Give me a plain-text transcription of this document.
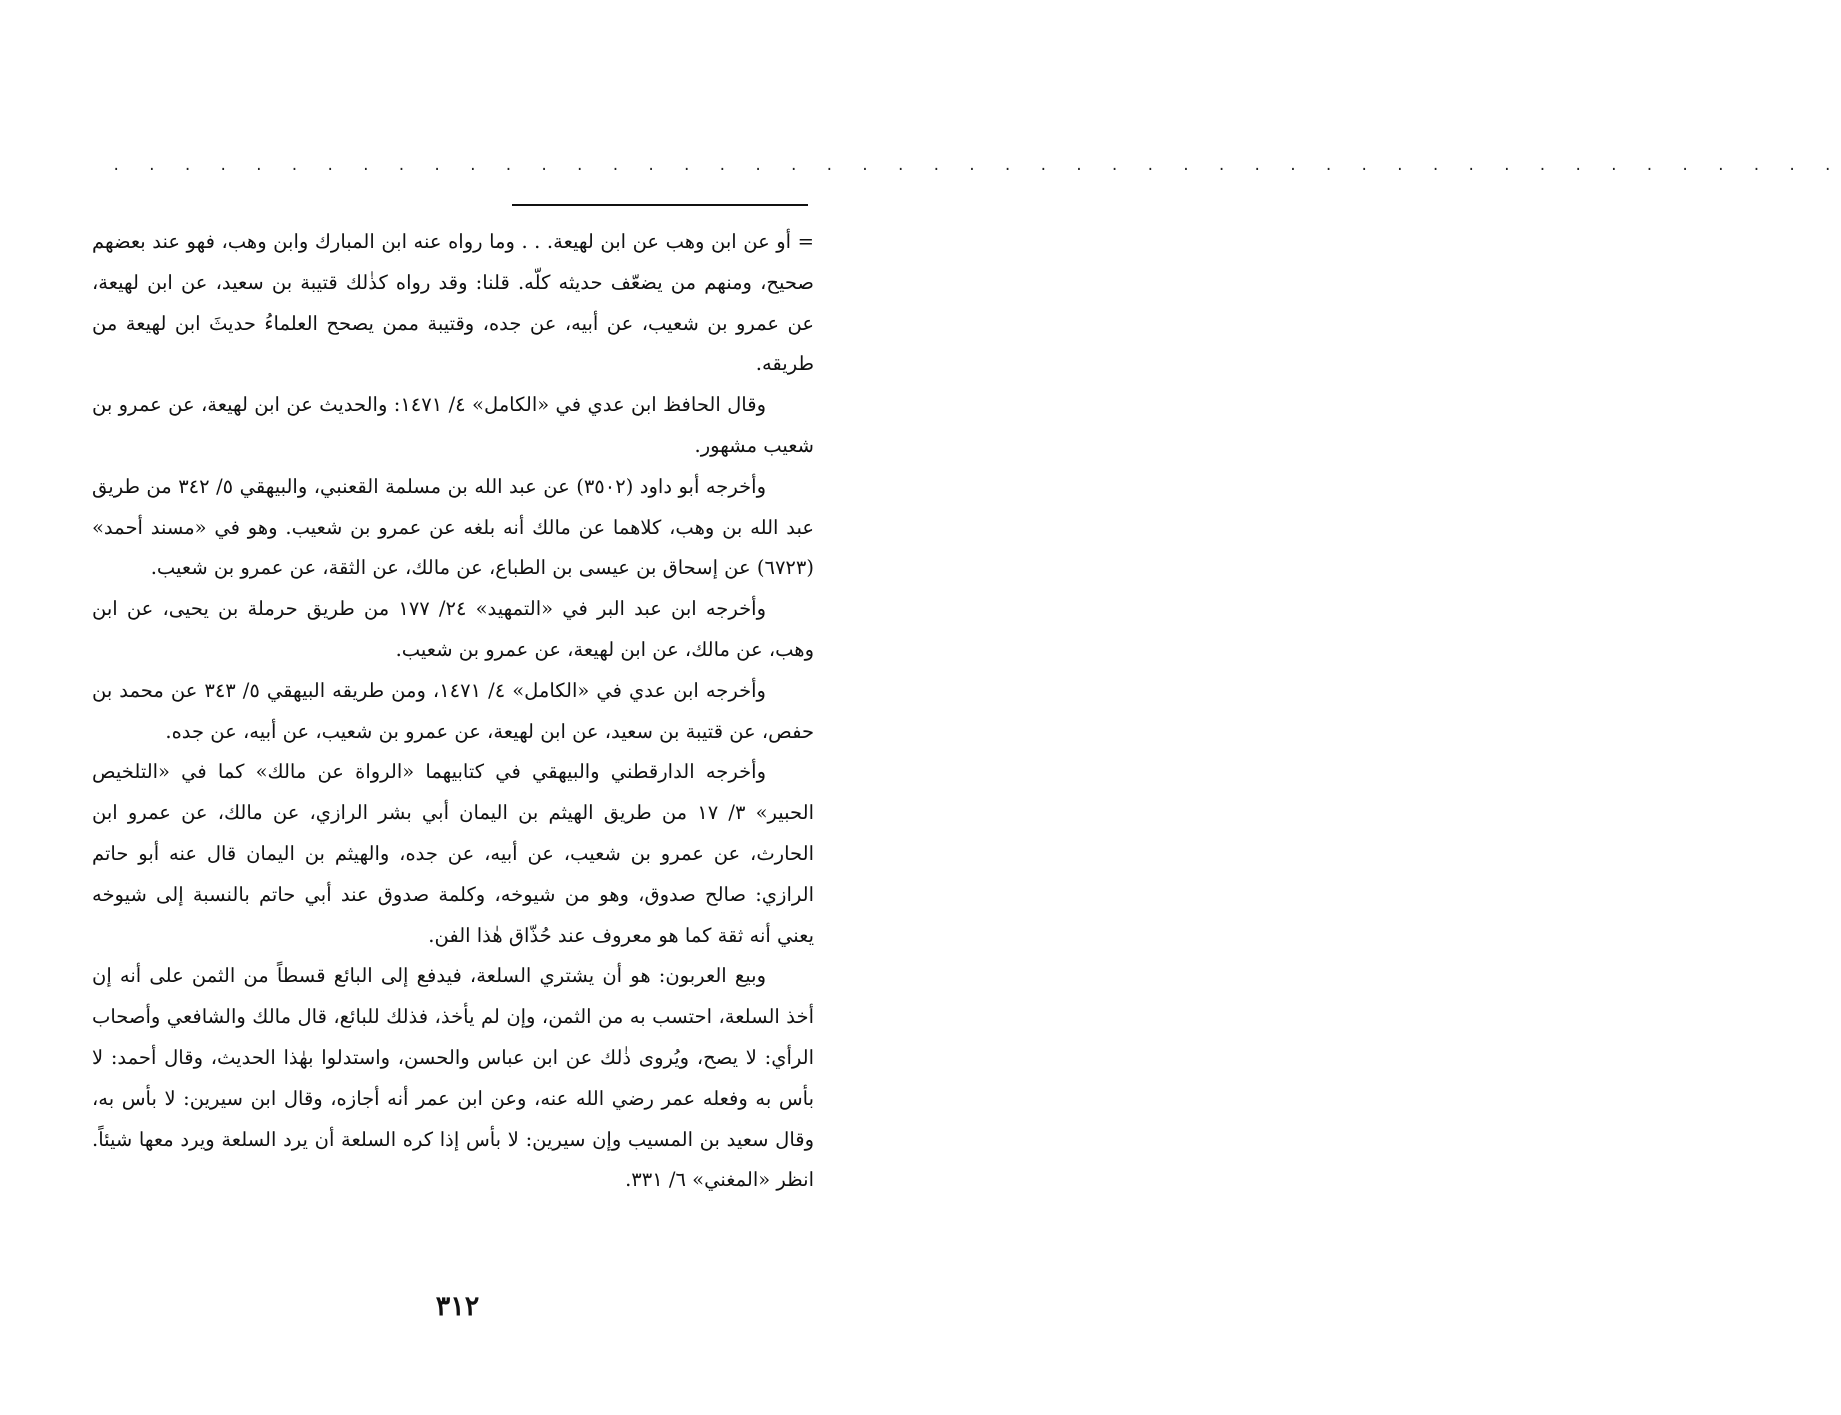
. . . . . . . . . . . . . . . . . . . . . . . . . . . . . . . . . . . . . . . . . . . . . . . . .

= أو عن ابن وهب عن ابن لهيعة. . . وما رواه عنه ابن المبارك وابن وهب، فهو عند بعضهم صحيح، ومنهم من يضعّف حديثه كلّه. قلنا: وقد رواه كذٰلك قتيبة بن سعيد، عن ابن لهيعة، عن عمرو بن شعيب، عن أبيه، عن جده، وقتيبة ممن يصحح العلماءُ حديثَ ابن لهيعة من طريقه.

وقال الحافظ ابن عدي في «الكامل» ٤/ ١٤٧١: والحديث عن ابن لهيعة، عن عمرو بن شعيب مشهور.

وأخرجه أبو داود (٣٥٠٢) عن عبد الله بن مسلمة القعنبي، والبيهقي ٥/ ٣٤٢ من طريق عبد الله بن وهب، كلاهما عن مالك أنه بلغه عن عمرو بن شعيب. وهو في «مسند أحمد» (٦٧٢٣) عن إسحاق بن عيسى بن الطباع، عن مالك، عن الثقة، عن عمرو بن شعيب.

وأخرجه ابن عبد البر في «التمهيد» ٢٤/ ١٧٧ من طريق حرملة بن يحيى، عن ابن وهب، عن مالك، عن ابن لهيعة، عن عمرو بن شعيب.

وأخرجه ابن عدي في «الكامل» ٤/ ١٤٧١، ومن طريقه البيهقي ٥/ ٣٤٣ عن محمد بن حفص، عن قتيبة بن سعيد، عن ابن لهيعة، عن عمرو بن شعيب، عن أبيه، عن جده.

وأخرجه الدارقطني والبيهقي في كتابيهما «الرواة عن مالك» كما في «التلخيص الحبير» ٣/ ١٧ من طريق الهيثم بن اليمان أبي بشر الرازي، عن مالك، عن عمرو ابن الحارث، عن عمرو بن شعيب، عن أبيه، عن جده، والهيثم بن اليمان قال عنه أبو حاتم الرازي: صالح صدوق، وهو من شيوخه، وكلمة صدوق عند أبي حاتم بالنسبة إلى شيوخه يعني أنه ثقة كما هو معروف عند حُذّاق هٰذا الفن.

وبيع العربون: هو أن يشتري السلعة، فيدفع إلى البائع قسطاً من الثمن على أنه إن أخذ السلعة، احتسب به من الثمن، وإن لم يأخذ، فذلك للبائع، قال مالك والشافعي وأصحاب الرأي: لا يصح، ويُروى ذٰلك عن ابن عباس والحسن، واستدلوا بهٰذا الحديث، وقال أحمد: لا بأس به وفعله عمر رضي الله عنه، وعن ابن عمر أنه أجازه، وقال ابن سيرين: لا بأس به، وقال سعيد بن المسيب وإن سيرين: لا بأس إذا كره السلعة أن يرد السلعة ويرد معها شيئاً. انظر «المغني» ٦/ ٣٣١.

٣١٢
